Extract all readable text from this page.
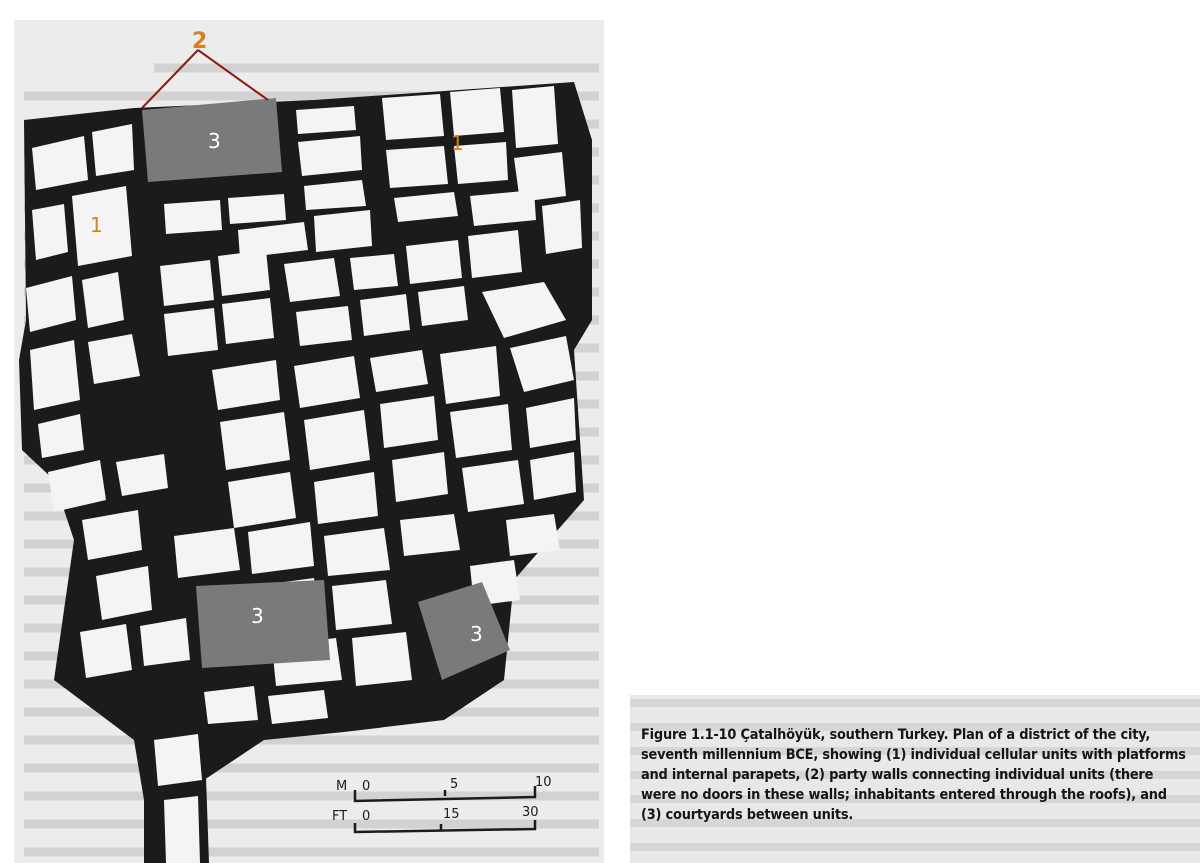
2
1
1
3
3
3
M 0	5	10
FT 0	15	30
Figure 1.1-10 Çatalhöyük, southern Turkey. Plan of a district of the city, seventh millennium BCE, showing (1) individual cellular units with platforms and internal parapets, (2) party walls connecting individual units (there were no doors in these walls; inhabitants entered through the roofs), and (3) courtyards between units.
